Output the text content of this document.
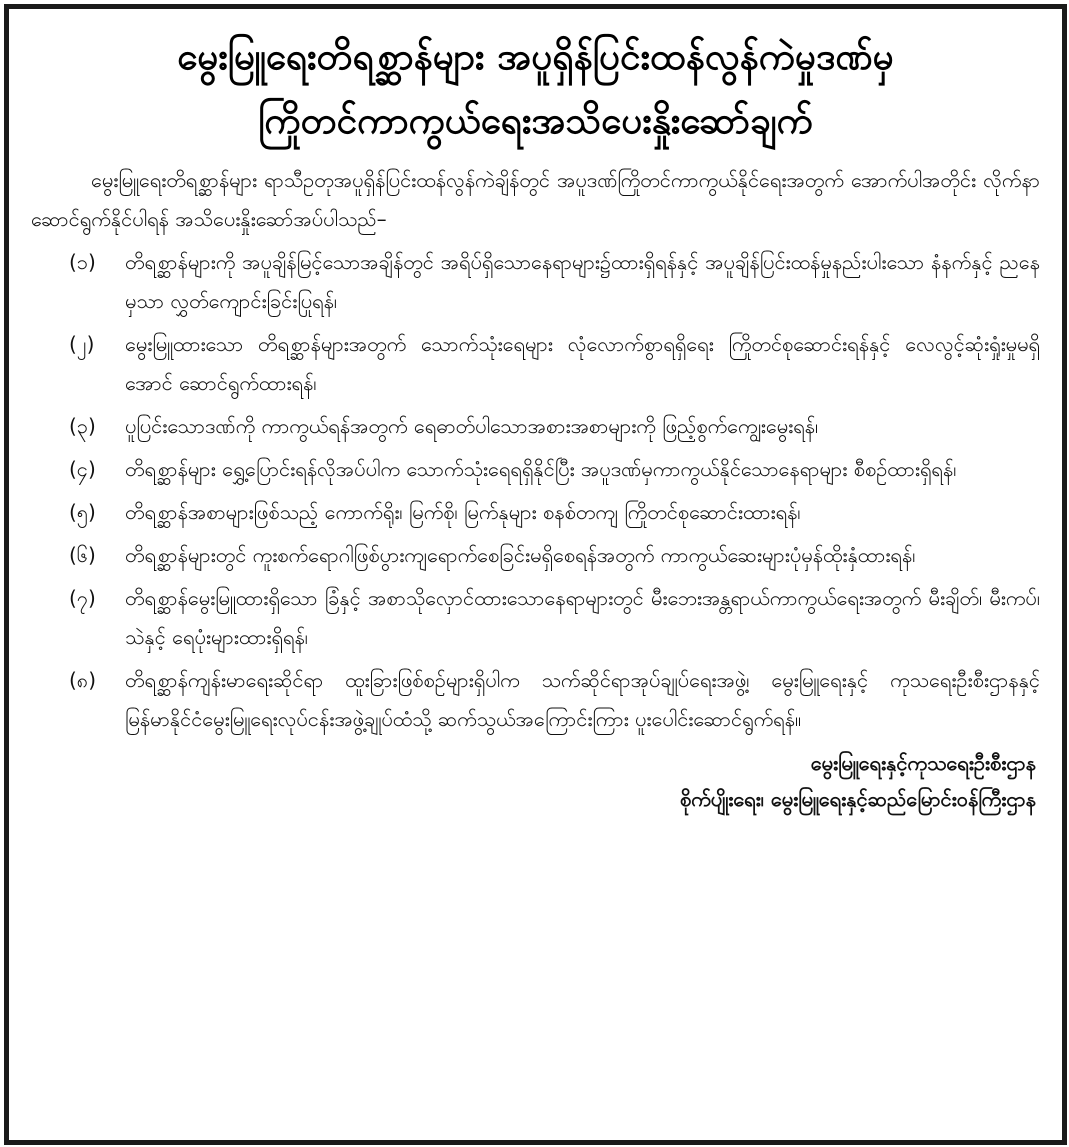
မွေးမြူရေးတိရစ္ဆာန်များ အပူရှိန်ပြင်းထန်လွန်ကဲမှုဒဏ်မှ
ကြိုတင်ကာကွယ်ရေးအသိပေးနှိုးဆော်ချက်
မွေးမြူရေးတိရစ္ဆာန်များ ရာသီဥတုအပူရှိန်ပြင်းထန်လွန်ကဲချိန်တွင် အပူဒဏ်ကြိုတင်ကာကွယ်နိုင်ရေးအတွက် အောက်ပါအတိုင်း လိုက်နာဆောင်ရွက်နိုင်ပါရန် အသိပေးနှိုးဆော်အပ်ပါသည်–
(၁)	တိရစ္ဆာန်များကို အပူချိန်မြင့်သောအချိန်တွင် အရိပ်ရှိသောနေရာများ၌ထားရှိရန်နှင့် အပူချိန်ပြင်းထန်မှုနည်းပါးသော နံနက်နှင့် ညနေမှသာ လွှတ်ကျောင်းခြင်းပြုရန်၊
(၂)	မွေးမြူထားသော တိရစ္ဆာန်များအတွက် သောက်သုံးရေများ လုံလောက်စွာရရှိရေး ကြိုတင်စုဆောင်းရန်နှင့် လေလွင့်ဆုံးရှုံးမှုမရှိအောင် ဆောင်ရွက်ထားရန်၊
(၃)	ပူပြင်းသောဒဏ်ကို ကာကွယ်ရန်အတွက် ရေဓာတ်ပါသောအစားအစာများကို ဖြည့်စွက်ကျွေးမွေးရန်၊
(၄)	တိရစ္ဆာန်များ ရွှေ့ပြောင်းရန်လိုအပ်ပါက သောက်သုံးရေရရှိနိုင်ပြီး အပူဒဏ်မှကာကွယ်နိုင်သောနေရာများ စီစဉ်ထားရှိရန်၊
(၅)	တိရစ္ဆာန်အစာများဖြစ်သည့် ကောက်ရိုး၊ မြက်စို၊ မြက်နုများ စနစ်တကျ ကြိုတင်စုဆောင်းထားရန်၊
(၆)	တိရစ္ဆာန်များတွင် ကူးစက်ရောဂါဖြစ်ပွားကျရောက်စေခြင်းမရှိစေရန်အတွက် ကာကွယ်ဆေးများပုံမှန်ထိုးနှံထားရန်၊
(၇)	တိရစ္ဆာန်မွေးမြူထားရှိသော ခြံနှင့် အစာသိုလှောင်ထားသောနေရာများတွင် မီးဘေးအန္တရာယ်ကာကွယ်ရေးအတွက် မီးချိတ်၊ မီးကပ်၊ သဲနှင့် ရေပုံးများထားရှိရန်၊
(၈)	တိရစ္ဆာန်ကျန်းမာရေးဆိုင်ရာ ထူးခြားဖြစ်စဉ်များရှိပါက သက်ဆိုင်ရာအုပ်ချုပ်ရေးအဖွဲ့၊ မွေးမြူရေးနှင့် ကုသရေးဦးစီးဌာနနှင့် မြန်မာနိုင်ငံမွေးမြူရေးလုပ်ငန်းအဖွဲ့ချုပ်ထံသို့ ဆက်သွယ်အကြောင်းကြား ပူးပေါင်းဆောင်ရွက်ရန်။
မွေးမြူရေးနှင့်ကုသရေးဦးစီးဌာန
စိုက်ပျိုးရေး၊ မွေးမြူရေးနှင့်ဆည်မြောင်းဝန်ကြီးဌာန
